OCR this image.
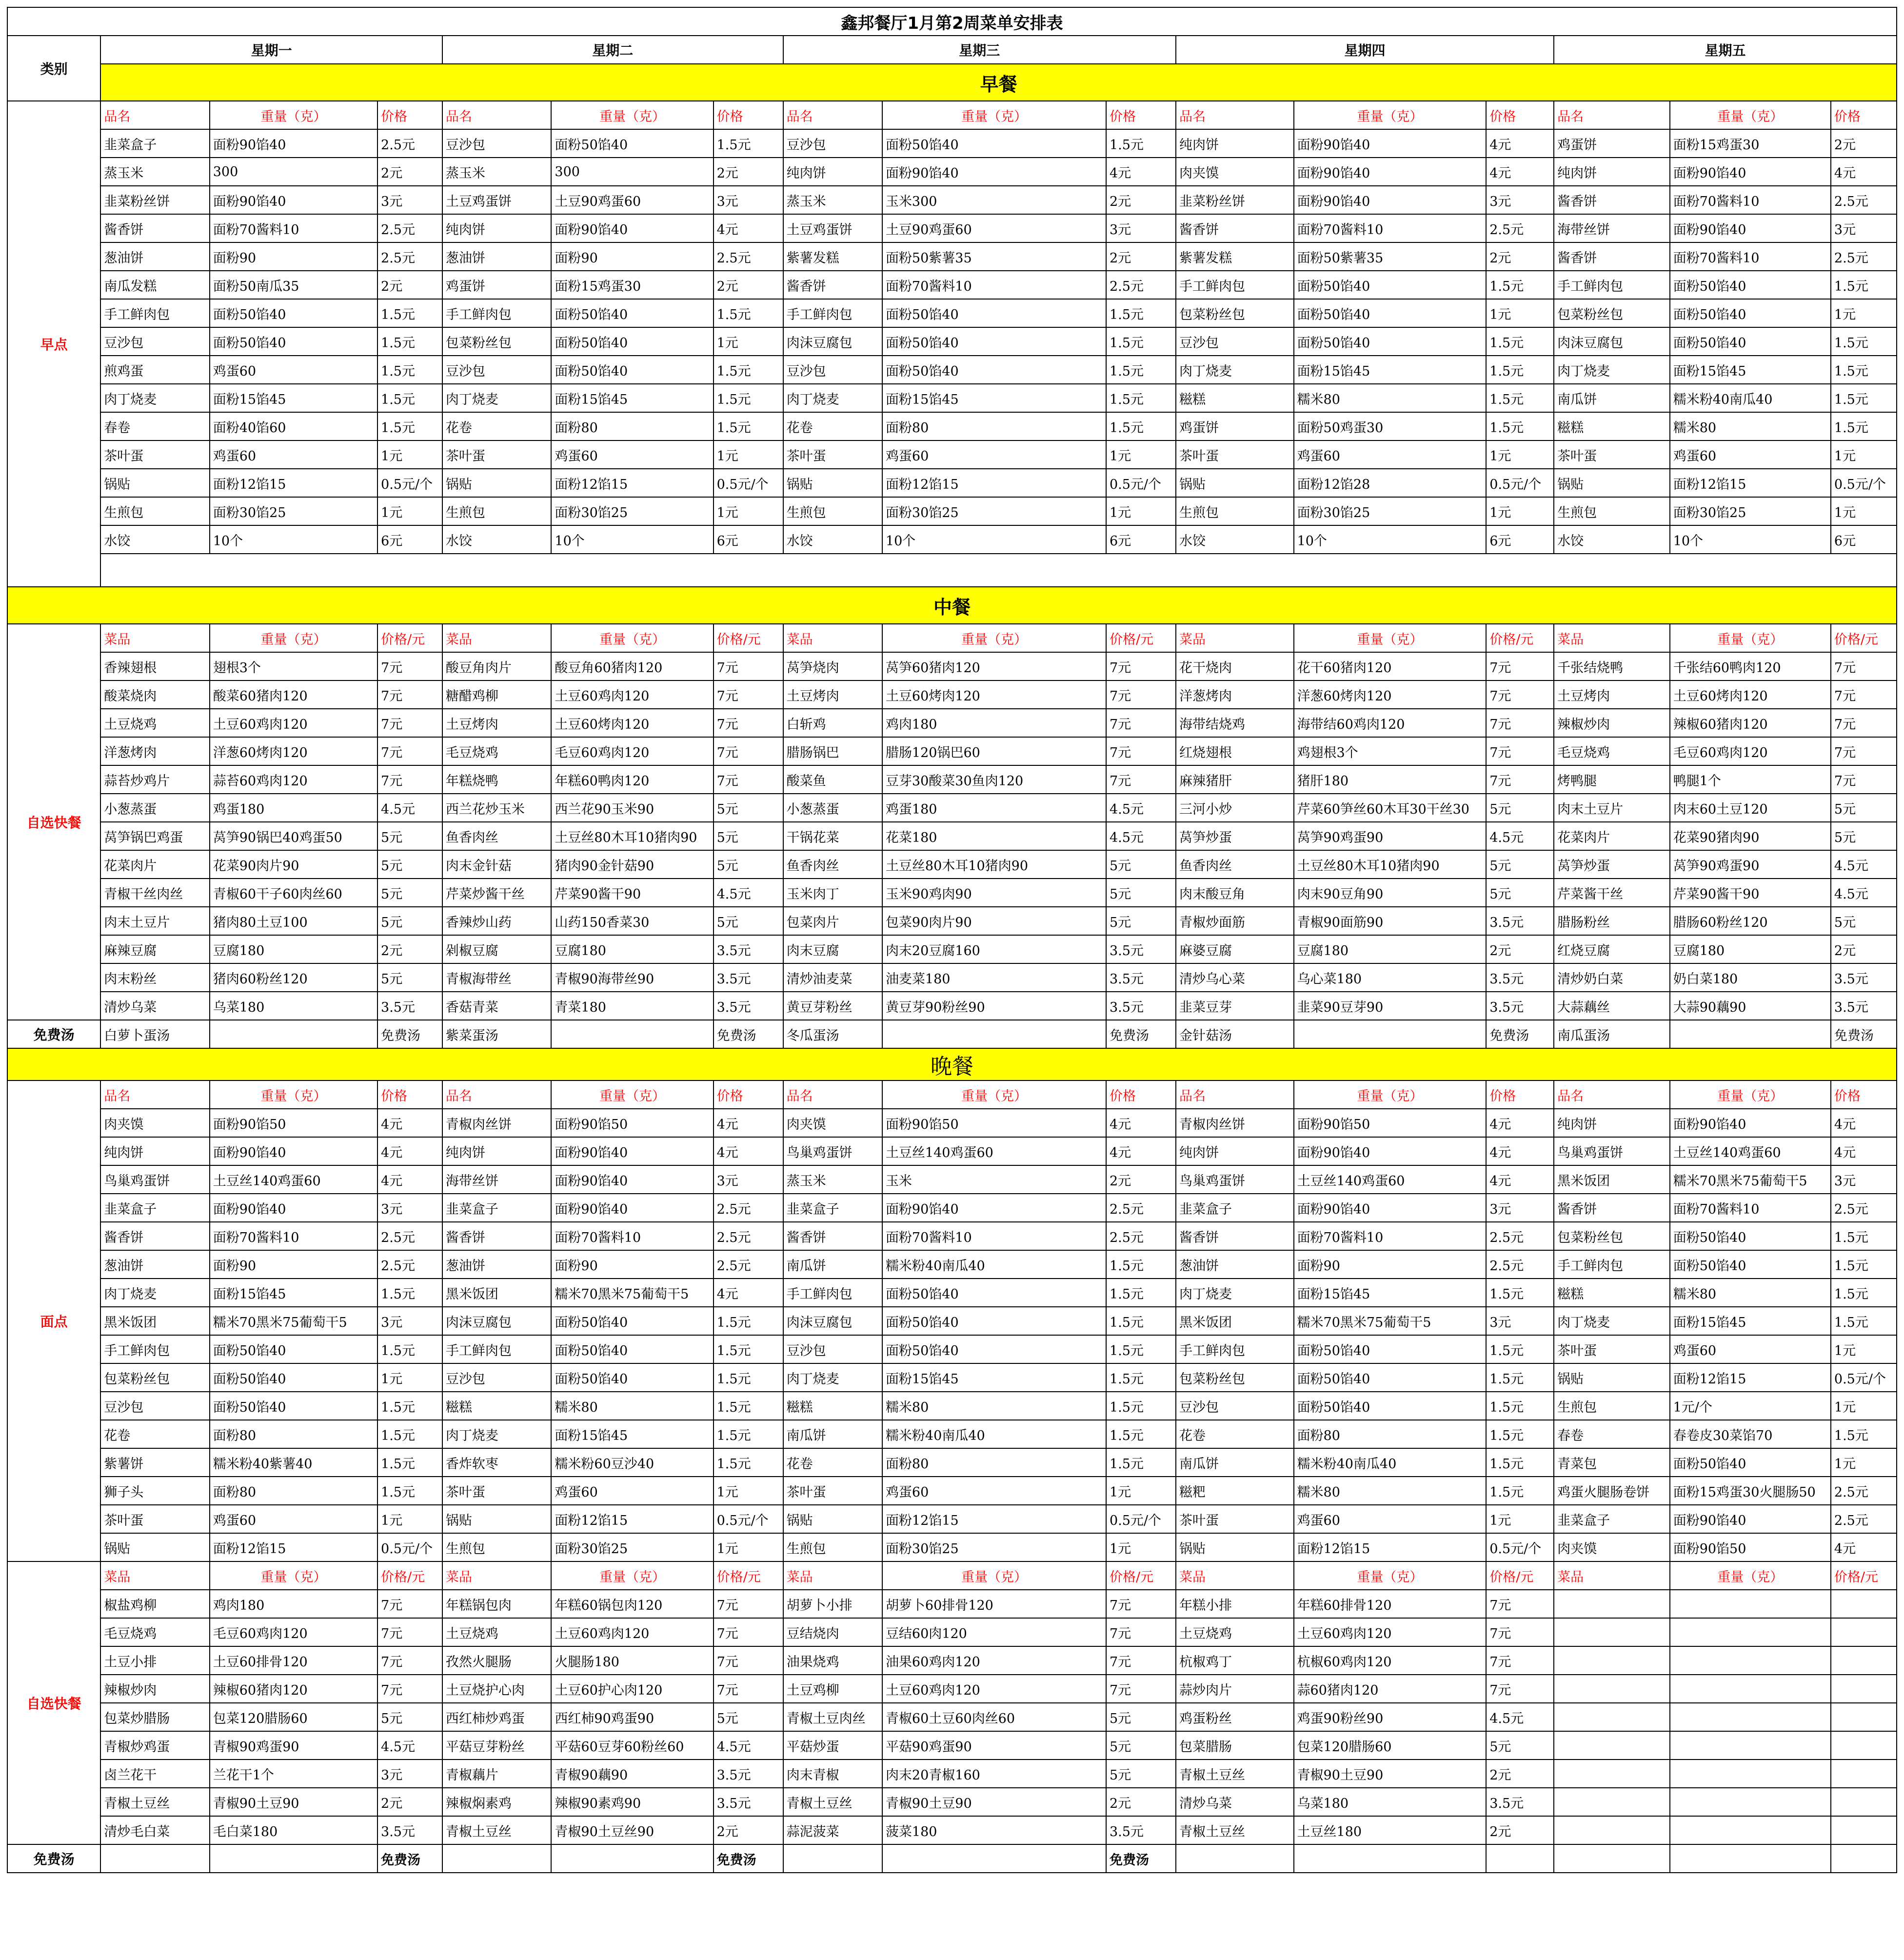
鑫邦餐厅1月第2周菜单安排表															
类别	星期一			星期二			星期三			星期四			星期五		
	早餐														
早点	品名	重量（克）	价格	品名	重量（克）	价格	品名	重量（克）	价格	品名	重量（克）	价格	品名	重量（克）	价格
	韭菜盒子	面粉90馅40	2.5元	豆沙包	面粉50馅40	1.5元	豆沙包	面粉50馅40	1.5元	纯肉饼	面粉90馅40	4元	鸡蛋饼	面粉15鸡蛋30	2元
	蒸玉米	300	2元	蒸玉米	300	2元	纯肉饼	面粉90馅40	4元	肉夹馍	面粉90馅40	4元	纯肉饼	面粉90馅40	4元
	韭菜粉丝饼	面粉90馅40	3元	土豆鸡蛋饼	土豆90鸡蛋60	3元	蒸玉米	玉米300	2元	韭菜粉丝饼	面粉90馅40	3元	酱香饼	面粉70酱料10	2.5元
	酱香饼	面粉70酱料10	2.5元	纯肉饼	面粉90馅40	4元	土豆鸡蛋饼	土豆90鸡蛋60	3元	酱香饼	面粉70酱料10	2.5元	海带丝饼	面粉90馅40	3元
	葱油饼	面粉90	2.5元	葱油饼	面粉90	2.5元	紫薯发糕	面粉50紫薯35	2元	紫薯发糕	面粉50紫薯35	2元	酱香饼	面粉70酱料10	2.5元
	南瓜发糕	面粉50南瓜35	2元	鸡蛋饼	面粉15鸡蛋30	2元	酱香饼	面粉70酱料10	2.5元	手工鲜肉包	面粉50馅40	1.5元	手工鲜肉包	面粉50馅40	1.5元
	手工鲜肉包	面粉50馅40	1.5元	手工鲜肉包	面粉50馅40	1.5元	手工鲜肉包	面粉50馅40	1.5元	包菜粉丝包	面粉50馅40	1元	包菜粉丝包	面粉50馅40	1元
	豆沙包	面粉50馅40	1.5元	包菜粉丝包	面粉50馅40	1元	肉沫豆腐包	面粉50馅40	1.5元	豆沙包	面粉50馅40	1.5元	肉沫豆腐包	面粉50馅40	1.5元
	煎鸡蛋	鸡蛋60	1.5元	豆沙包	面粉50馅40	1.5元	豆沙包	面粉50馅40	1.5元	肉丁烧麦	面粉15馅45	1.5元	肉丁烧麦	面粉15馅45	1.5元
	肉丁烧麦	面粉15馅45	1.5元	肉丁烧麦	面粉15馅45	1.5元	肉丁烧麦	面粉15馅45	1.5元	糍糕	糯米80	1.5元	南瓜饼	糯米粉40南瓜40	1.5元
	春卷	面粉40馅60	1.5元	花卷	面粉80	1.5元	花卷	面粉80	1.5元	鸡蛋饼	面粉50鸡蛋30	1.5元	糍糕	糯米80	1.5元
	茶叶蛋	鸡蛋60	1元	茶叶蛋	鸡蛋60	1元	茶叶蛋	鸡蛋60	1元	茶叶蛋	鸡蛋60	1元	茶叶蛋	鸡蛋60	1元
	锅贴	面粉12馅15	0.5元/个	锅贴	面粉12馅15	0.5元/个	锅贴	面粉12馅15	0.5元/个	锅贴	面粉12馅28	0.5元/个	锅贴	面粉12馅15	0.5元/个
	生煎包	面粉30馅25	1元	生煎包	面粉30馅25	1元	生煎包	面粉30馅25	1元	生煎包	面粉30馅25	1元	生煎包	面粉30馅25	1元
	水饺	10个	6元	水饺	10个	6元	水饺	10个	6元	水饺	10个	6元	水饺	10个	6元

中餐															
自选快餐	菜品	重量（克）	价格/元	菜品	重量（克）	价格/元	菜品	重量（克）	价格/元	菜品	重量（克）	价格/元	菜品	重量（克）	价格/元
	香辣翅根	翅根3个	7元	酸豆角肉片	酸豆角60猪肉120	7元	莴笋烧肉	莴笋60猪肉120	7元	花干烧肉	花干60猪肉120	7元	千张结烧鸭	千张结60鸭肉120	7元
	酸菜烧肉	酸菜60猪肉120	7元	糖醋鸡柳	土豆60鸡肉120	7元	土豆烤肉	土豆60烤肉120	7元	洋葱烤肉	洋葱60烤肉120	7元	土豆烤肉	土豆60烤肉120	7元
	土豆烧鸡	土豆60鸡肉120	7元	土豆烤肉	土豆60烤肉120	7元	白斩鸡	鸡肉180	7元	海带结烧鸡	海带结60鸡肉120	7元	辣椒炒肉	辣椒60猪肉120	7元
	洋葱烤肉	洋葱60烤肉120	7元	毛豆烧鸡	毛豆60鸡肉120	7元	腊肠锅巴	腊肠120锅巴60	7元	红烧翅根	鸡翅根3个	7元	毛豆烧鸡	毛豆60鸡肉120	7元
	蒜苔炒鸡片	蒜苔60鸡肉120	7元	年糕烧鸭	年糕60鸭肉120	7元	酸菜鱼	豆芽30酸菜30鱼肉120	7元	麻辣猪肝	猪肝180	7元	烤鸭腿	鸭腿1个	7元
	小葱蒸蛋	鸡蛋180	4.5元	西兰花炒玉米	西兰花90玉米90	5元	小葱蒸蛋	鸡蛋180	4.5元	三河小炒	芹菜60笋丝60木耳30干丝30	5元	肉末土豆片	肉末60土豆120	5元
	莴笋锅巴鸡蛋	莴笋90锅巴40鸡蛋50	5元	鱼香肉丝	土豆丝80木耳10猪肉90	5元	干锅花菜	花菜180	4.5元	莴笋炒蛋	莴笋90鸡蛋90	4.5元	花菜肉片	花菜90猪肉90	5元
	花菜肉片	花菜90肉片90	5元	肉末金针菇	猪肉90金针菇90	5元	鱼香肉丝	土豆丝80木耳10猪肉90	5元	鱼香肉丝	土豆丝80木耳10猪肉90	5元	莴笋炒蛋	莴笋90鸡蛋90	4.5元
	青椒干丝肉丝	青椒60干子60肉丝60	5元	芹菜炒酱干丝	芹菜90酱干90	4.5元	玉米肉丁	玉米90鸡肉90	5元	肉末酸豆角	肉末90豆角90	5元	芹菜酱干丝	芹菜90酱干90	4.5元
	肉末土豆片	猪肉80土豆100	5元	香辣炒山药	山药150香菜30	5元	包菜肉片	包菜90肉片90	5元	青椒炒面筋	青椒90面筋90	3.5元	腊肠粉丝	腊肠60粉丝120	5元
	麻辣豆腐	豆腐180	2元	剁椒豆腐	豆腐180	3.5元	肉末豆腐	肉末20豆腐160	3.5元	麻婆豆腐	豆腐180	2元	红烧豆腐	豆腐180	2元
	肉末粉丝	猪肉60粉丝120	5元	青椒海带丝	青椒90海带丝90	3.5元	清炒油麦菜	油麦菜180	3.5元	清炒乌心菜	乌心菜180	3.5元	清炒奶白菜	奶白菜180	3.5元
	清炒乌菜	乌菜180	3.5元	香菇青菜	青菜180	3.5元	黄豆芽粉丝	黄豆芽90粉丝90	3.5元	韭菜豆芽	韭菜90豆芽90	3.5元	大蒜藕丝	大蒜90藕90	3.5元
免费汤	白萝卜蛋汤		免费汤	紫菜蛋汤		免费汤	冬瓜蛋汤		免费汤	金针菇汤		免费汤	南瓜蛋汤		免费汤
晚餐															
面点	品名	重量（克）	价格	品名	重量（克）	价格	品名	重量（克）	价格	品名	重量（克）	价格	品名	重量（克）	价格
	肉夹馍	面粉90馅50	4元	青椒肉丝饼	面粉90馅50	4元	肉夹馍	面粉90馅50	4元	青椒肉丝饼	面粉90馅50	4元	纯肉饼	面粉90馅40	4元
	纯肉饼	面粉90馅40	4元	纯肉饼	面粉90馅40	4元	鸟巢鸡蛋饼	土豆丝140鸡蛋60	4元	纯肉饼	面粉90馅40	4元	鸟巢鸡蛋饼	土豆丝140鸡蛋60	4元
	鸟巢鸡蛋饼	土豆丝140鸡蛋60	4元	海带丝饼	面粉90馅40	3元	蒸玉米	玉米	2元	鸟巢鸡蛋饼	土豆丝140鸡蛋60	4元	黑米饭团	糯米70黑米75葡萄干5	3元
	韭菜盒子	面粉90馅40	3元	韭菜盒子	面粉90馅40	2.5元	韭菜盒子	面粉90馅40	2.5元	韭菜盒子	面粉90馅40	3元	酱香饼	面粉70酱料10	2.5元
	酱香饼	面粉70酱料10	2.5元	酱香饼	面粉70酱料10	2.5元	酱香饼	面粉70酱料10	2.5元	酱香饼	面粉70酱料10	2.5元	包菜粉丝包	面粉50馅40	1.5元
	葱油饼	面粉90	2.5元	葱油饼	面粉90	2.5元	南瓜饼	糯米粉40南瓜40	1.5元	葱油饼	面粉90	2.5元	手工鲜肉包	面粉50馅40	1.5元
	肉丁烧麦	面粉15馅45	1.5元	黑米饭团	糯米70黑米75葡萄干5	4元	手工鲜肉包	面粉50馅40	1.5元	肉丁烧麦	面粉15馅45	1.5元	糍糕	糯米80	1.5元
	黑米饭团	糯米70黑米75葡萄干5	3元	肉沫豆腐包	面粉50馅40	1.5元	肉沫豆腐包	面粉50馅40	1.5元	黑米饭团	糯米70黑米75葡萄干5	3元	肉丁烧麦	面粉15馅45	1.5元
	手工鲜肉包	面粉50馅40	1.5元	手工鲜肉包	面粉50馅40	1.5元	豆沙包	面粉50馅40	1.5元	手工鲜肉包	面粉50馅40	1.5元	茶叶蛋	鸡蛋60	1元
	包菜粉丝包	面粉50馅40	1元	豆沙包	面粉50馅40	1.5元	肉丁烧麦	面粉15馅45	1.5元	包菜粉丝包	面粉50馅40	1.5元	锅贴	面粉12馅15	0.5元/个
	豆沙包	面粉50馅40	1.5元	糍糕	糯米80	1.5元	糍糕	糯米80	1.5元	豆沙包	面粉50馅40	1.5元	生煎包	1元/个	1元
	花卷	面粉80	1.5元	肉丁烧麦	面粉15馅45	1.5元	南瓜饼	糯米粉40南瓜40	1.5元	花卷	面粉80	1.5元	春卷	春卷皮30菜馅70	1.5元
	紫薯饼	糯米粉40紫薯40	1.5元	香炸软枣	糯米粉60豆沙40	1.5元	花卷	面粉80	1.5元	南瓜饼	糯米粉40南瓜40	1.5元	青菜包	面粉50馅40	1元
	狮子头	面粉80	1.5元	茶叶蛋	鸡蛋60	1元	茶叶蛋	鸡蛋60	1元	糍粑	糯米80	1.5元	鸡蛋火腿肠卷饼	面粉15鸡蛋30火腿肠50	2.5元
	茶叶蛋	鸡蛋60	1元	锅贴	面粉12馅15	0.5元/个	锅贴	面粉12馅15	0.5元/个	茶叶蛋	鸡蛋60	1元	韭菜盒子	面粉90馅40	2.5元
	锅贴	面粉12馅15	0.5元/个	生煎包	面粉30馅25	1元	生煎包	面粉30馅25	1元	锅贴	面粉12馅15	0.5元/个	肉夹馍	面粉90馅50	4元
自选快餐	菜品	重量（克）	价格/元	菜品	重量（克）	价格/元	菜品	重量（克）	价格/元	菜品	重量（克）	价格/元	菜品	重量（克）	价格/元
	椒盐鸡柳	鸡肉180	7元	年糕锅包肉	年糕60锅包肉120	7元	胡萝卜小排	胡萝卜60排骨120	7元	年糕小排	年糕60排骨120	7元			
	毛豆烧鸡	毛豆60鸡肉120	7元	土豆烧鸡	土豆60鸡肉120	7元	豆结烧肉	豆结60肉120	7元	土豆烧鸡	土豆60鸡肉120	7元			
	土豆小排	土豆60排骨120	7元	孜然火腿肠	火腿肠180	7元	油果烧鸡	油果60鸡肉120	7元	杭椒鸡丁	杭椒60鸡肉120	7元			
	辣椒炒肉	辣椒60猪肉120	7元	土豆烧护心肉	土豆60护心肉120	7元	土豆鸡柳	土豆60鸡肉120	7元	蒜炒肉片	蒜60猪肉120	7元			
	包菜炒腊肠	包菜120腊肠60	5元	西红柿炒鸡蛋	西红柿90鸡蛋90	5元	青椒土豆肉丝	青椒60土豆60肉丝60	5元	鸡蛋粉丝	鸡蛋90粉丝90	4.5元			
	青椒炒鸡蛋	青椒90鸡蛋90	4.5元	平菇豆芽粉丝	平菇60豆芽60粉丝60	4.5元	平菇炒蛋	平菇90鸡蛋90	5元	包菜腊肠	包菜120腊肠60	5元			
	卤兰花干	兰花干1个	3元	青椒藕片	青椒90藕90	3.5元	肉末青椒	肉末20青椒160	5元	青椒土豆丝	青椒90土豆90	2元			
	青椒土豆丝	青椒90土豆90	2元	辣椒焖素鸡	辣椒90素鸡90	3.5元	青椒土豆丝	青椒90土豆90	2元	清炒乌菜	乌菜180	3.5元			
	清炒毛白菜	毛白菜180	3.5元	青椒土豆丝	青椒90土豆丝90	2元	蒜泥菠菜	菠菜180	3.5元	青椒土豆丝	土豆丝180	2元			
免费汤			免费汤			免费汤			免费汤						
